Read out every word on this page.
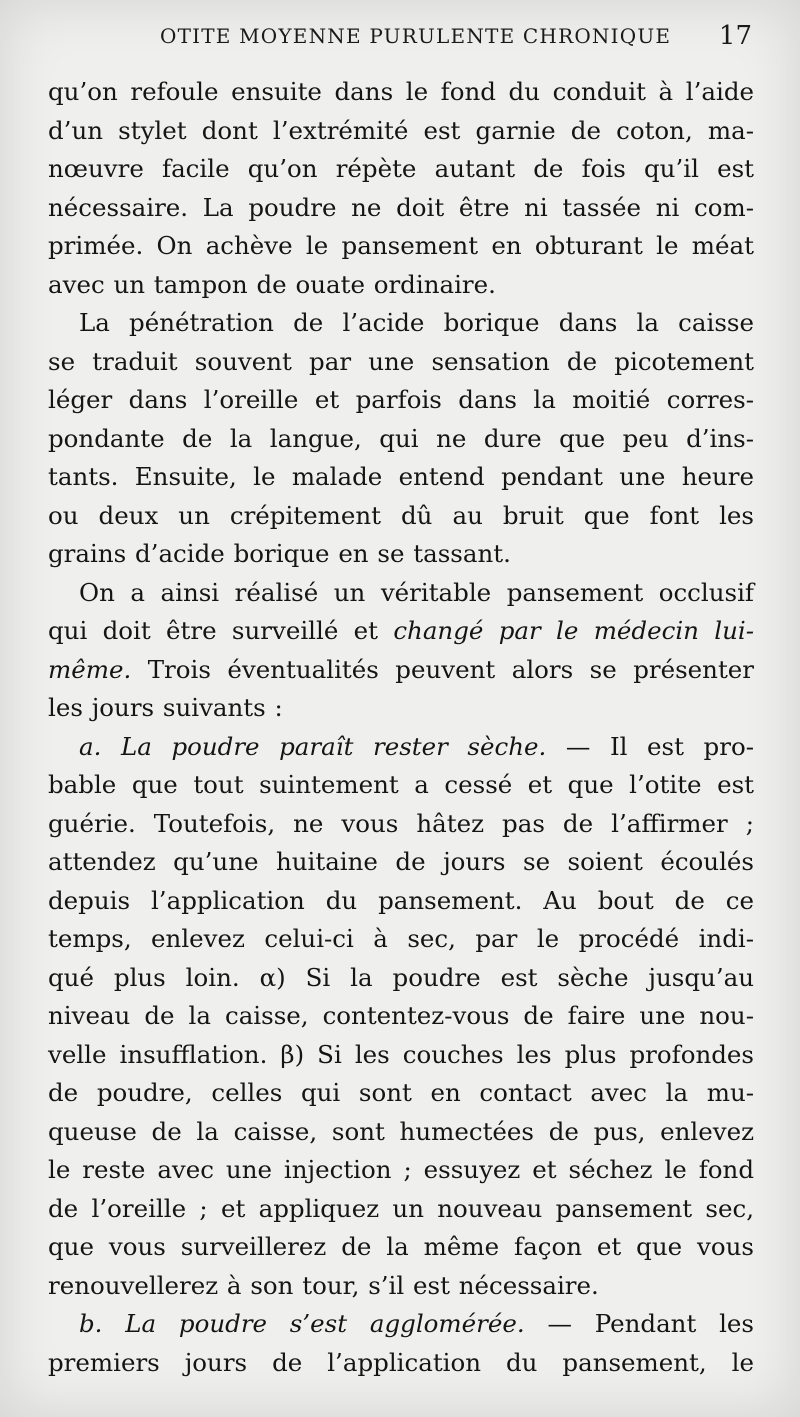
OTITE MOYENNE PURULENTE CHRONIQUE 17
qu’on refoule ensuite dans le fond du conduit à l’aide
d’un stylet dont l’extrémité est garnie de coton, ma-
nœuvre facile qu’on répète autant de fois qu’il est
nécessaire. La poudre ne doit être ni tassée ni com-
primée. On achève le pansement en obturant le méat
avec un tampon de ouate ordinaire.
La pénétration de l’acide borique dans la caisse
se traduit souvent par une sensation de picotement
léger dans l’oreille et parfois dans la moitié corres-
pondante de la langue, qui ne dure que peu d’ins-
tants. Ensuite, le malade entend pendant une heure
ou deux un crépitement dû au bruit que font les
grains d’acide borique en se tassant.
On a ainsi réalisé un véritable pansement occlusif
qui doit être surveillé et changé par le médecin lui-
même. Trois éventualités peuvent alors se présenter
les jours suivants :
a. La poudre paraît rester sèche. — Il est pro-
bable que tout suintement a cessé et que l’otite est
guérie. Toutefois, ne vous hâtez pas de l’affirmer ;
attendez qu’une huitaine de jours se soient écoulés
depuis l’application du pansement. Au bout de ce
temps, enlevez celui-ci à sec, par le procédé indi-
qué plus loin. α) Si la poudre est sèche jusqu’au
niveau de la caisse, contentez-vous de faire une nou-
velle insufflation. β) Si les couches les plus profondes
de poudre, celles qui sont en contact avec la mu-
queuse de la caisse, sont humectées de pus, enlevez
le reste avec une injection ; essuyez et séchez le fond
de l’oreille ; et appliquez un nouveau pansement sec,
que vous surveillerez de la même façon et que vous
renouvellerez à son tour, s’il est nécessaire.
b. La poudre s’est agglomérée. — Pendant les
premiers jours de l’application du pansement, le
